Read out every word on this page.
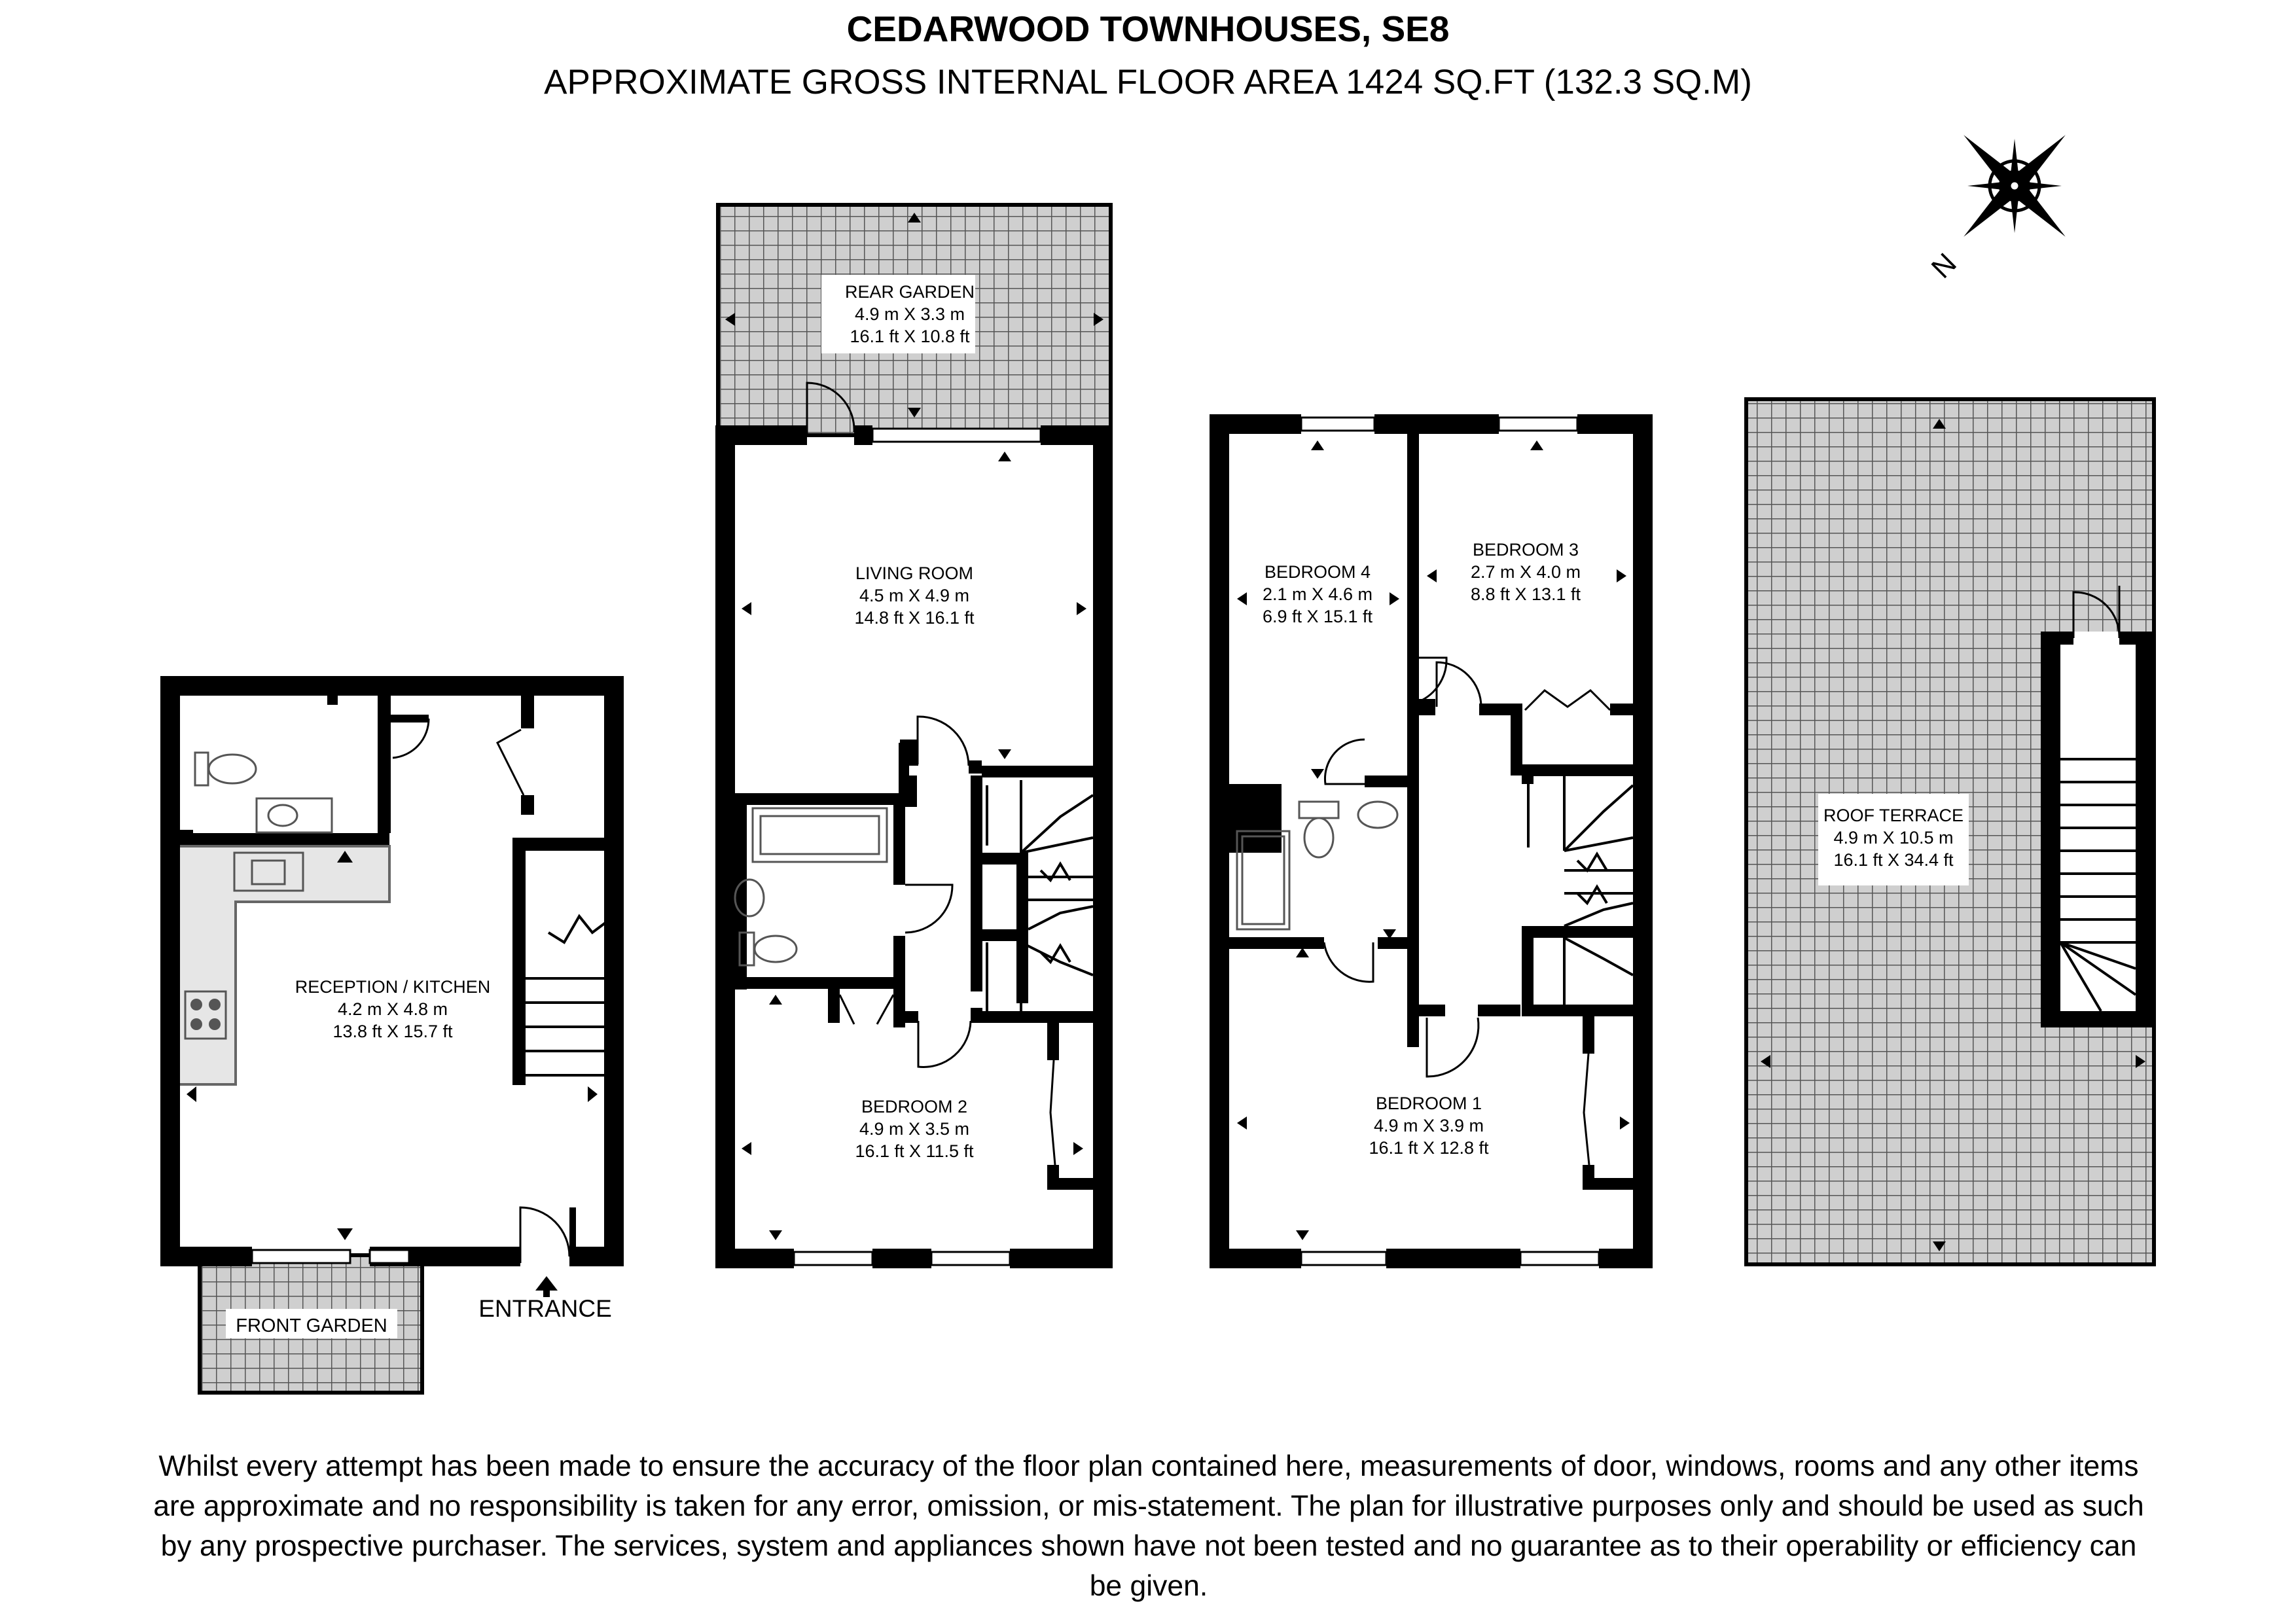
CEDARWOOD TOWNHOUSES, SE8
APPROXIMATE GROSS INTERNAL FLOOR AREA 1424 SQ.FT (132.3 SQ.M)
N
RECEPTION / KITCHEN
4.2 m X 4.8 m
13.8 ft X 15.7 ft
FRONT GARDEN
ENTRANCE
REAR GARDEN
4.9 m X 3.3 m
16.1 ft X 10.8 ft
LIVING ROOM
4.5 m X 4.9 m
14.8 ft X 16.1 ft
BEDROOM 2
4.9 m X 3.5 m
16.1 ft X 11.5 ft
BEDROOM 4
2.1 m X 4.6 m
6.9 ft X 15.1 ft
BEDROOM 3
2.7 m X 4.0 m
8.8 ft X 13.1 ft
BEDROOM 1
4.9 m X 3.9 m
16.1 ft X 12.8 ft
ROOF TERRACE
4.9 m X 10.5 m
16.1 ft X 34.4 ft
Whilst every attempt has been made to ensure the accuracy of the floor plan contained here, measurements of door, windows, rooms and any other items are approximate and no responsibility is taken for any error, omission, or mis-statement. The plan for illustrative purposes only and should be used as such by any prospective purchaser. The services, system and appliances shown have not been tested and no guarantee as to their operability or efficiency can be given.
